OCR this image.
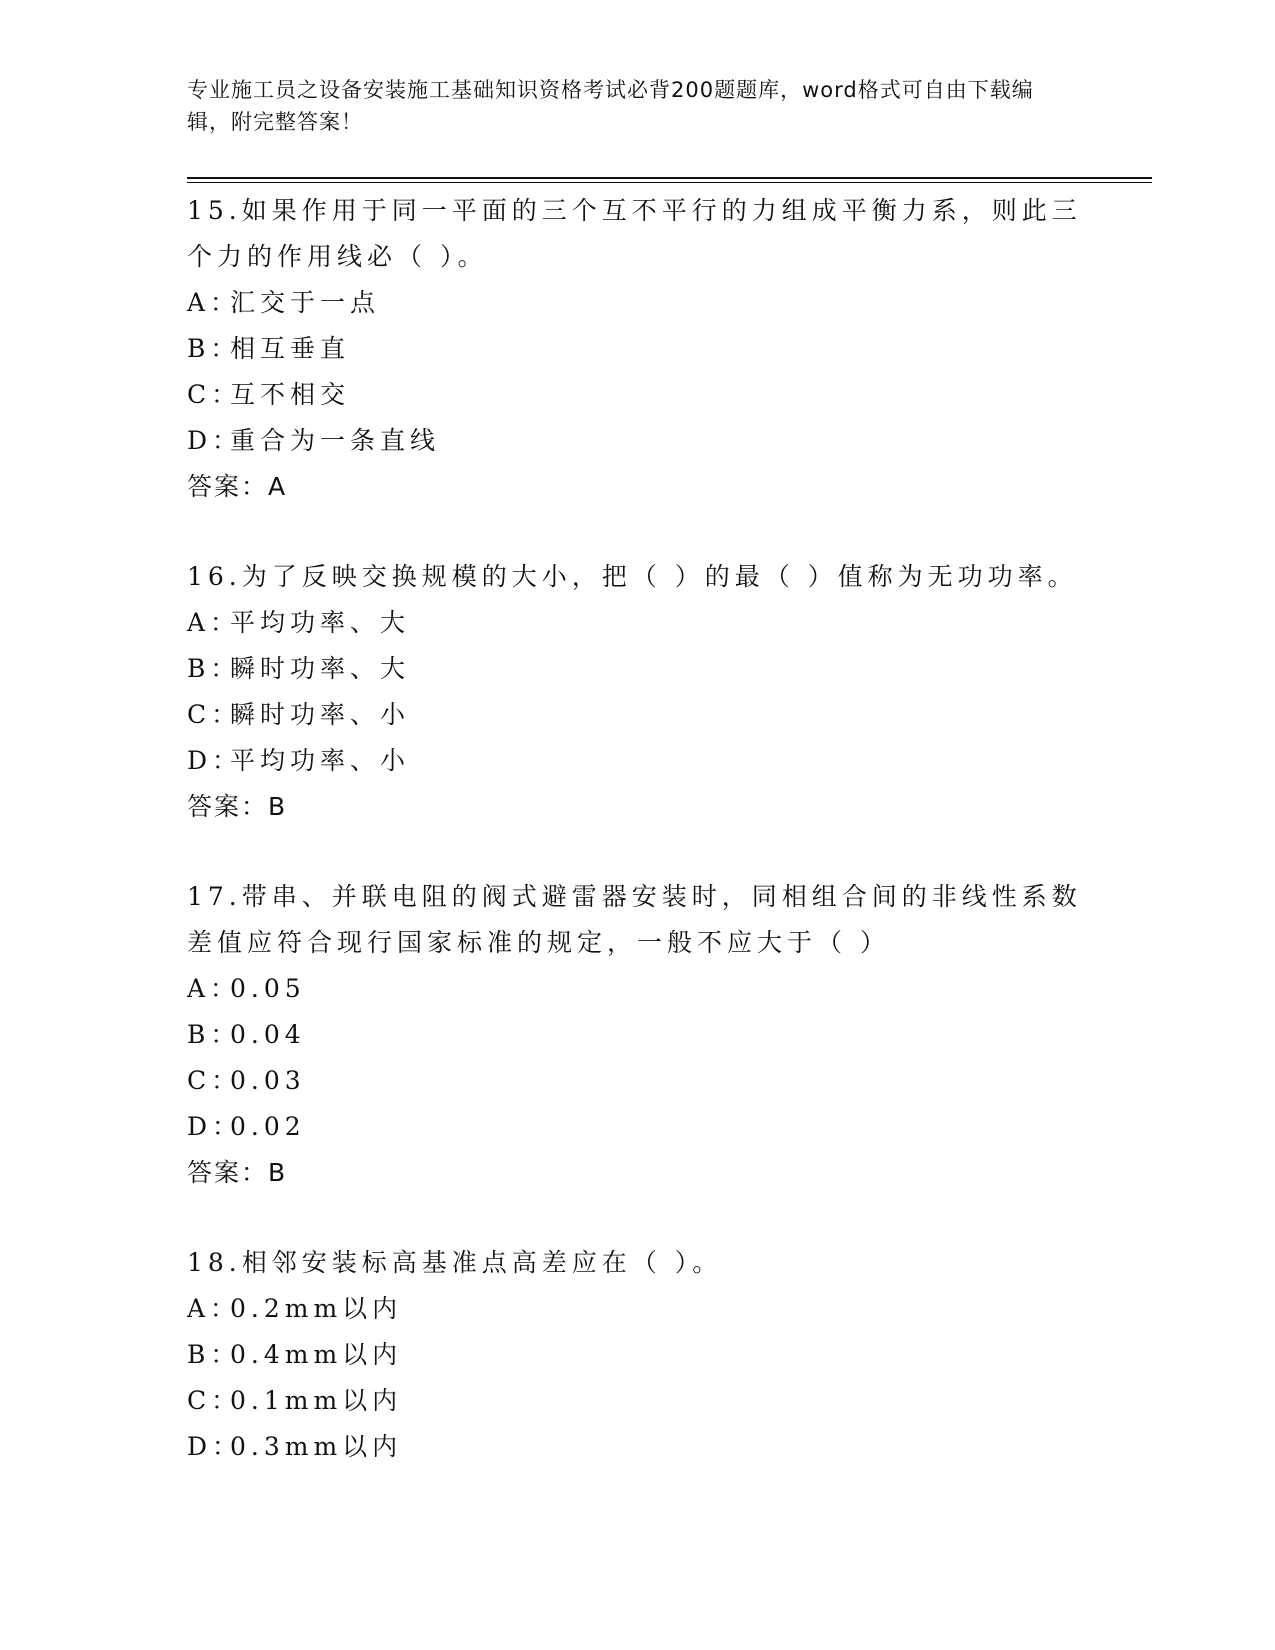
专业施工员之设备安装施工基础知识资格考试必背200题题库，word格式可自由下载编辑，附完整答案！

15.如果作用于同一平面的三个互不平行的力组成平衡力系，则此三个力的作用线必（ ）。

A：
汇交于一点

B：
相互垂直

C：
互不相交

D：
重合为一条直线

答案：A

16.为了反映交换规模的大小，把（ ）的最（ ）值称为无功功率。

A：
平均功率、大

B：
瞬时功率、大

C：
瞬时功率、小

D：
平均功率、小

答案：B

17.带串、并联电阻的阀式避雷器安装时，同相组合间的非线性系数差值应符合现行国家标准的规定，一般不应大于（ ）

A：
0.05

B：
0.04

C：
0.03

D：
0.02

答案：B

18.相邻安装标高基准点高差应在（ ）。

A：
0.2mm以内

B：
0.4mm以内

C：
0.1mm以内

D：
0.3mm以内
